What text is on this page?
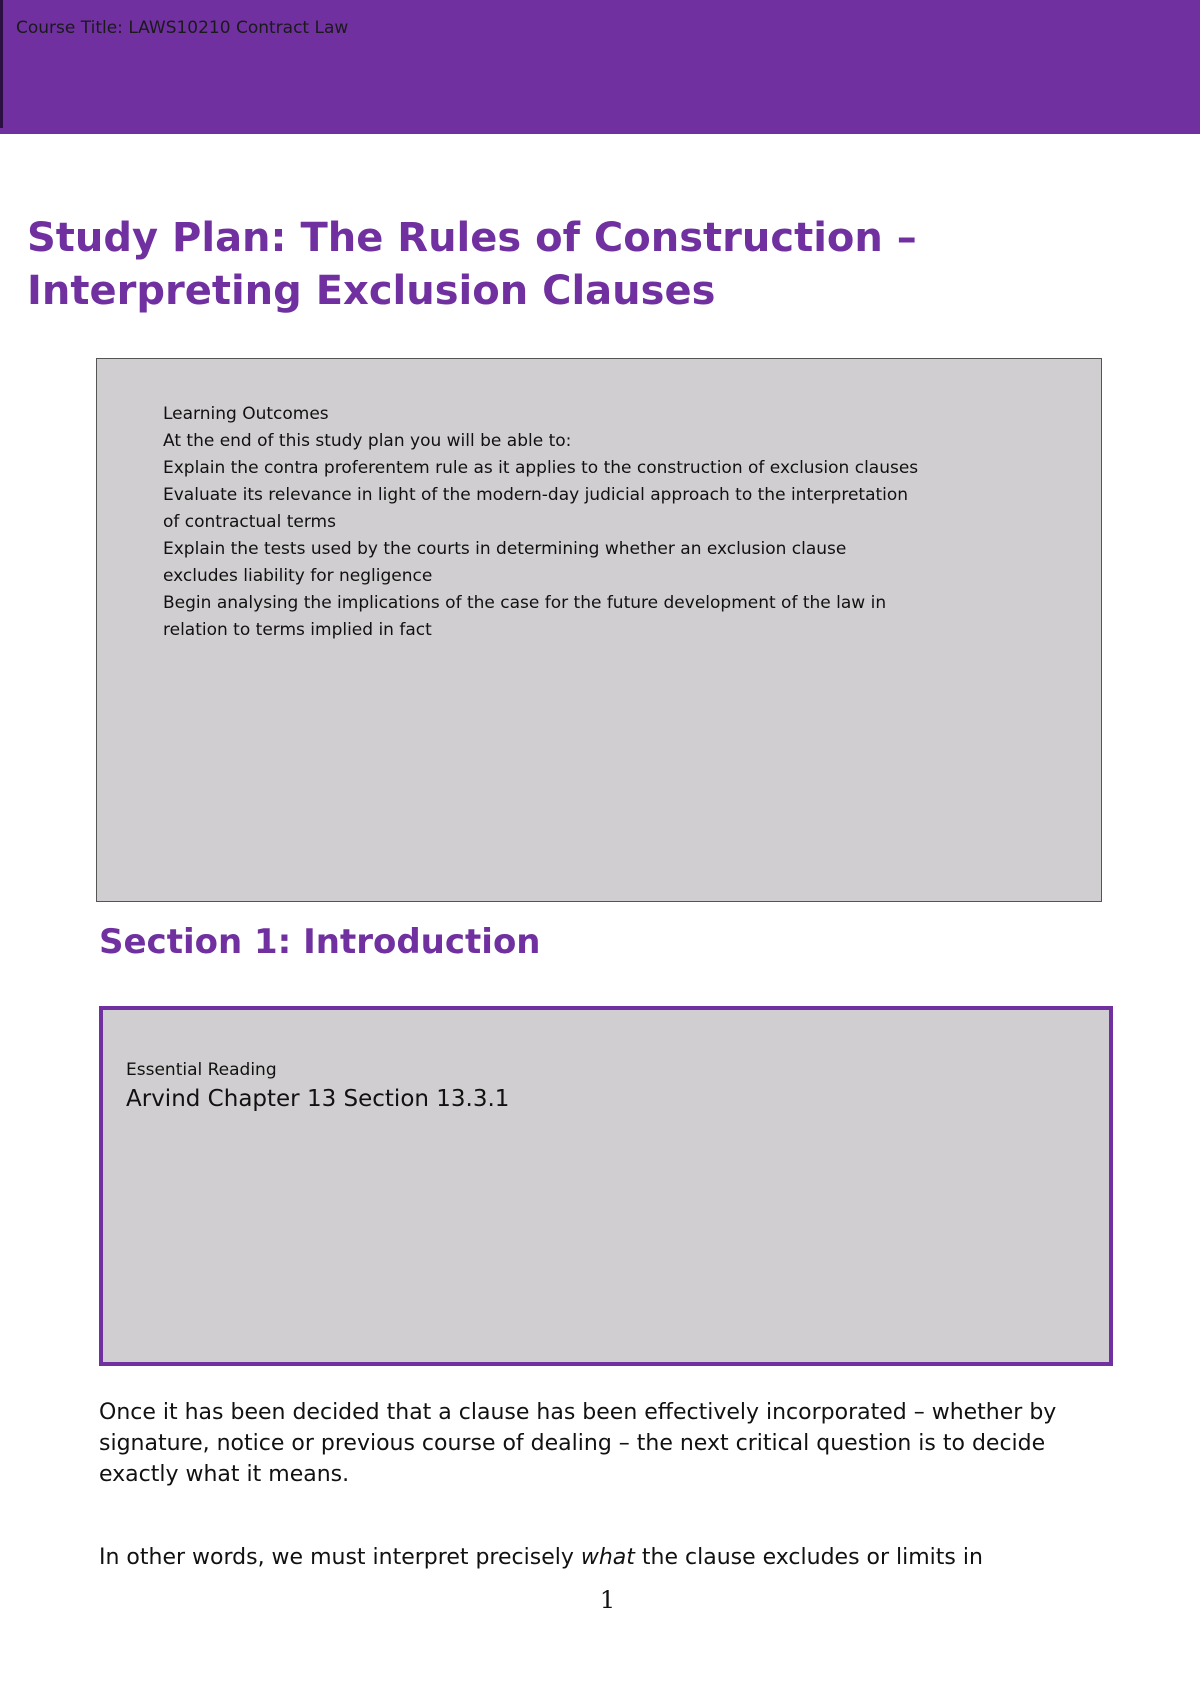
Course Title: LAWS10210 Contract Law
Study Plan: The Rules of Construction – Interpreting Exclusion Clauses
Learning Outcomes
At the end of this study plan you will be able to:
Explain the contra proferentem rule as it applies to the construction of exclusion clauses
Evaluate its relevance in light of the modern-day judicial approach to the interpretation of contractual terms
Explain the tests used by the courts in determining whether an exclusion clause excludes liability for negligence
Begin analysing the implications of the case for the future development of the law in relation to terms implied in fact
Section 1: Introduction
Essential Reading
Arvind Chapter 13 Section 13.3.1

Once it has been decided that a clause has been effectively incorporated – whether by signature, notice or previous course of dealing – the next critical question is to decide exactly what it means.

In other words, we must interpret precisely what the clause excludes or limits in

1
